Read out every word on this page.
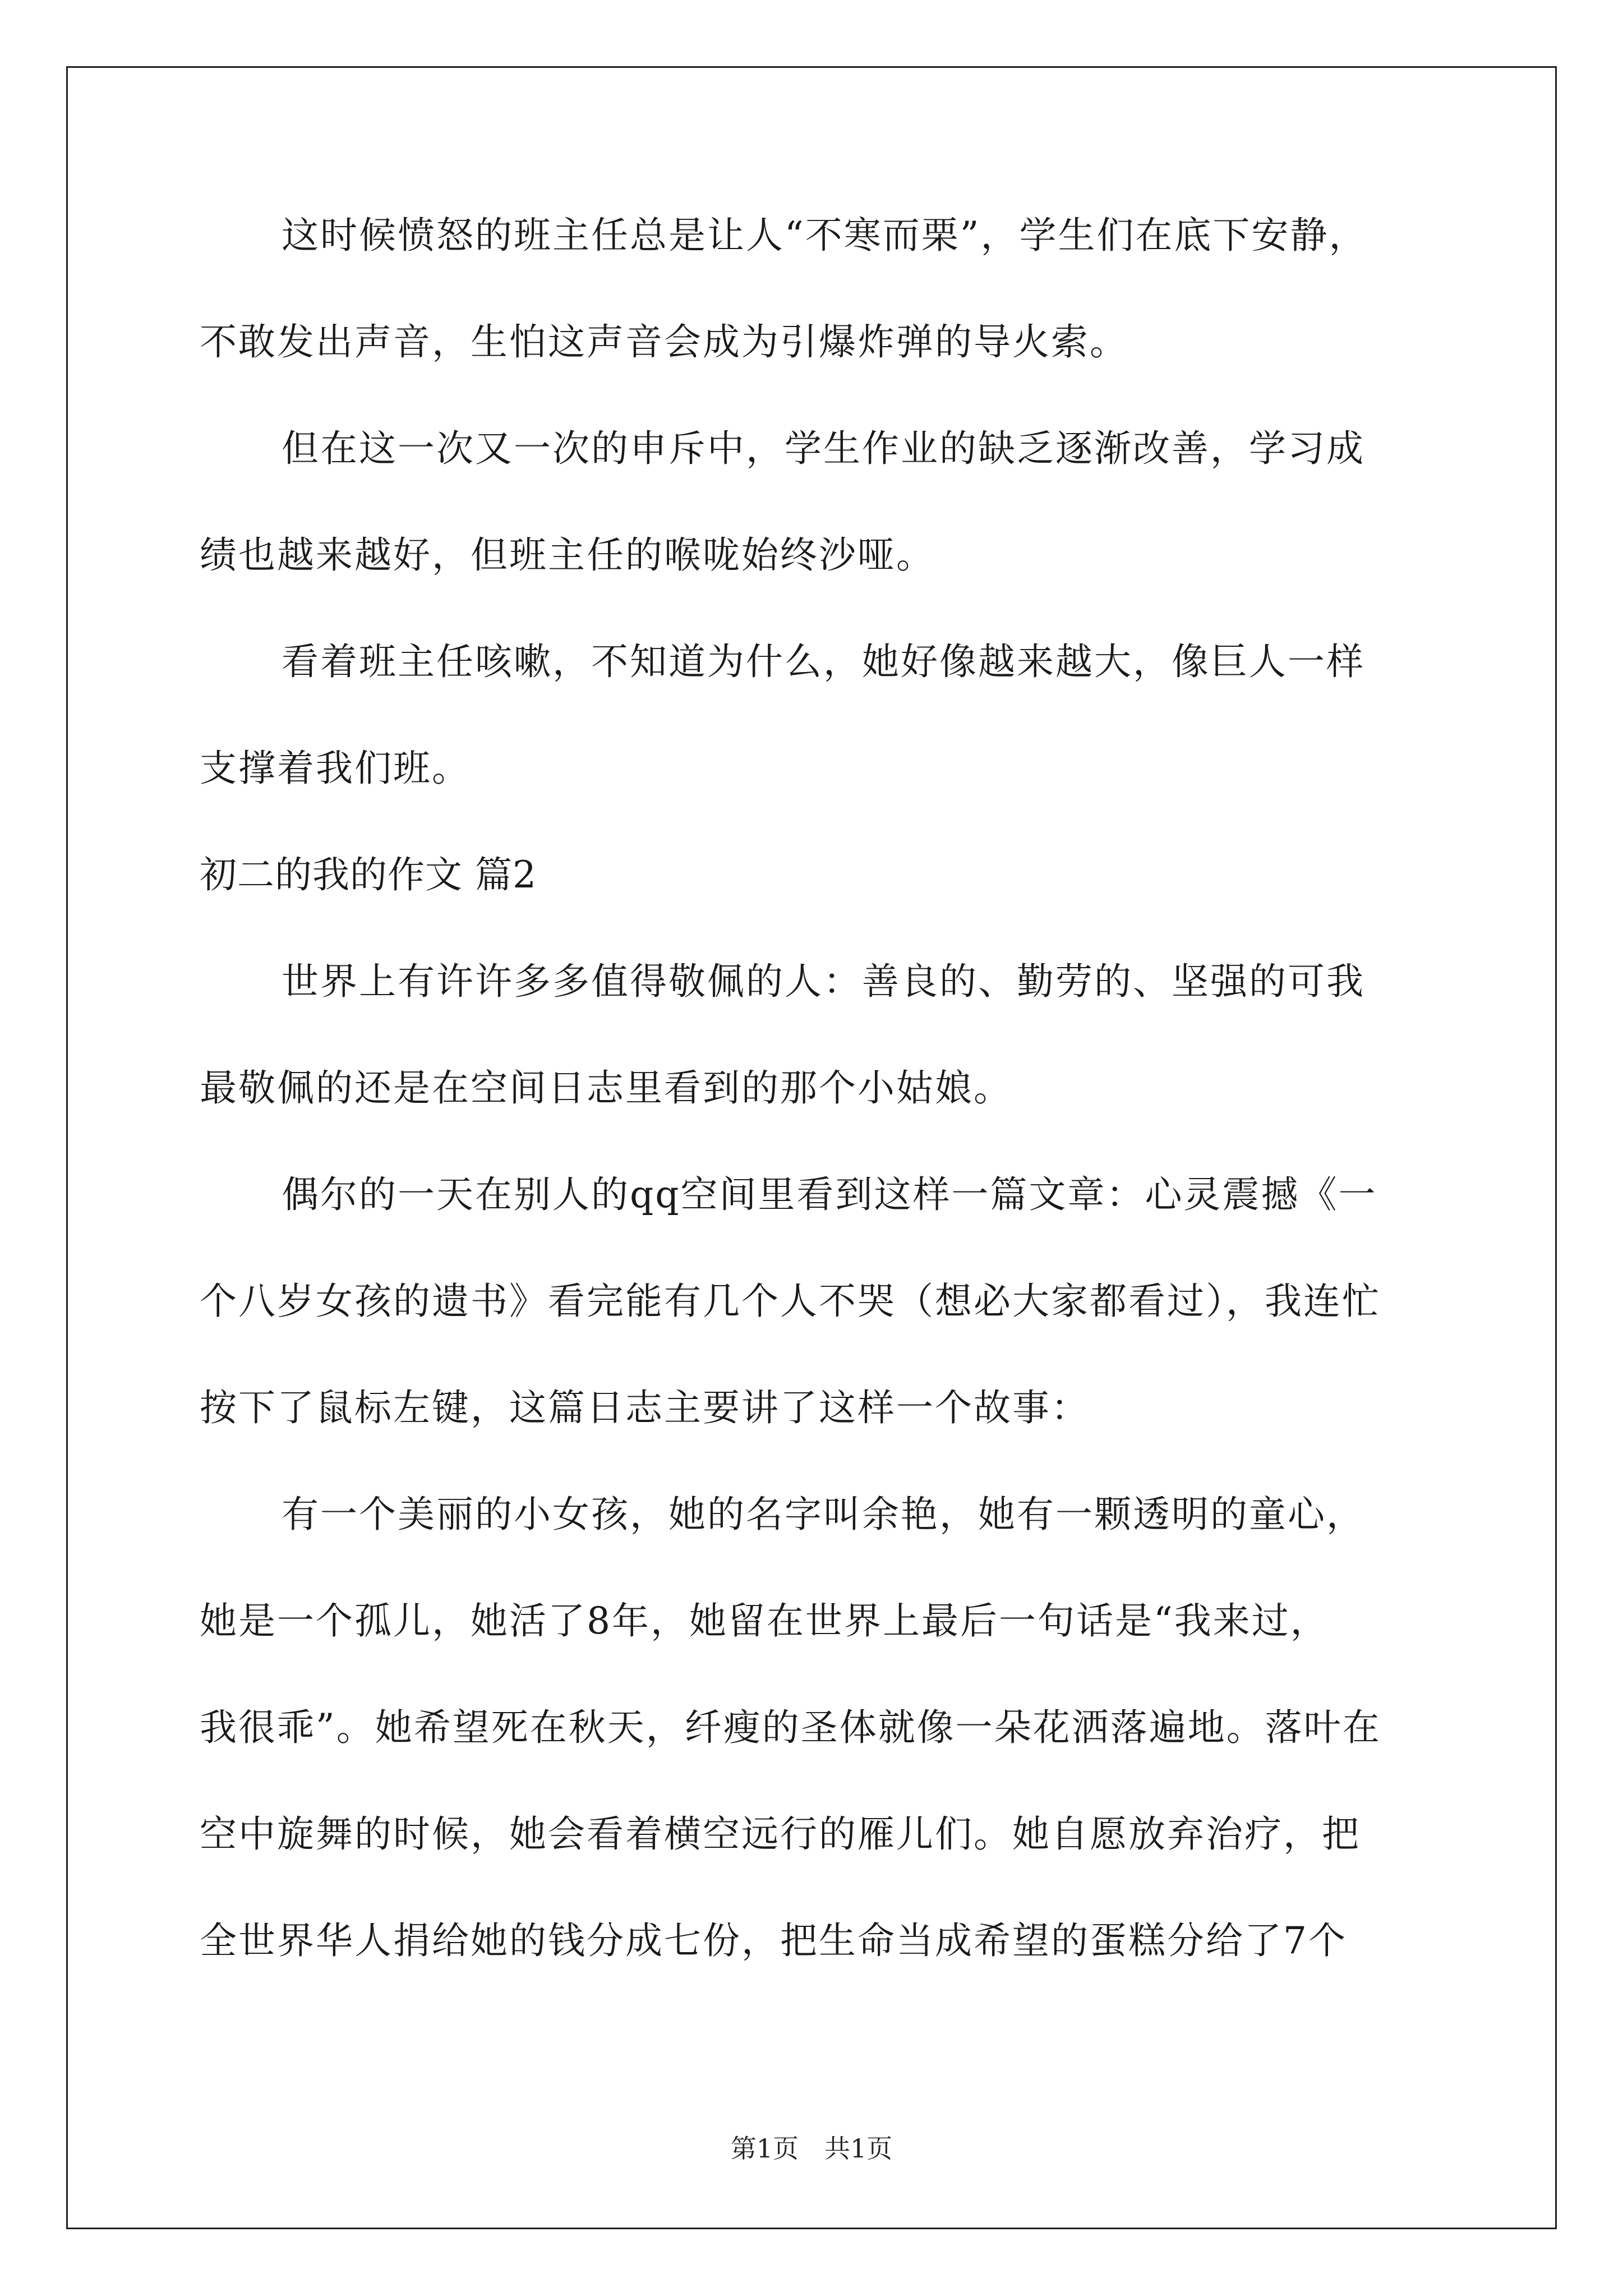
这时候愤怒的班主任总是让人“不寒而栗”，学生们在底下安静，
不敢发出声音，生怕这声音会成为引爆炸弹的导火索。
但在这一次又一次的申斥中，学生作业的缺乏逐渐改善，学习成
绩也越来越好，但班主任的喉咙始终沙哑。
看着班主任咳嗽，不知道为什么，她好像越来越大，像巨人一样
支撑着我们班。
初二的我的作文 篇2
世界上有许许多多值得敬佩的人：善良的、勤劳的、坚强的可我
最敬佩的还是在空间日志里看到的那个小姑娘。
偶尔的一天在别人的qq空间里看到这样一篇文章：心灵震撼《一
个八岁女孩的遗书》看完能有几个人不哭（想必大家都看过），我连忙
按下了鼠标左键，这篇日志主要讲了这样一个故事：
有一个美丽的小女孩，她的名字叫余艳，她有一颗透明的童心，
她是一个孤儿，她活了8年，她留在世界上最后一句话是“我来过，
我很乖”。她希望死在秋天，纤瘦的圣体就像一朵花洒落遍地。落叶在
空中旋舞的时候，她会看着横空远行的雁儿们。她自愿放弃治疗，把
全世界华人捐给她的钱分成七份，把生命当成希望的蛋糕分给了7个
第1页　共1页
